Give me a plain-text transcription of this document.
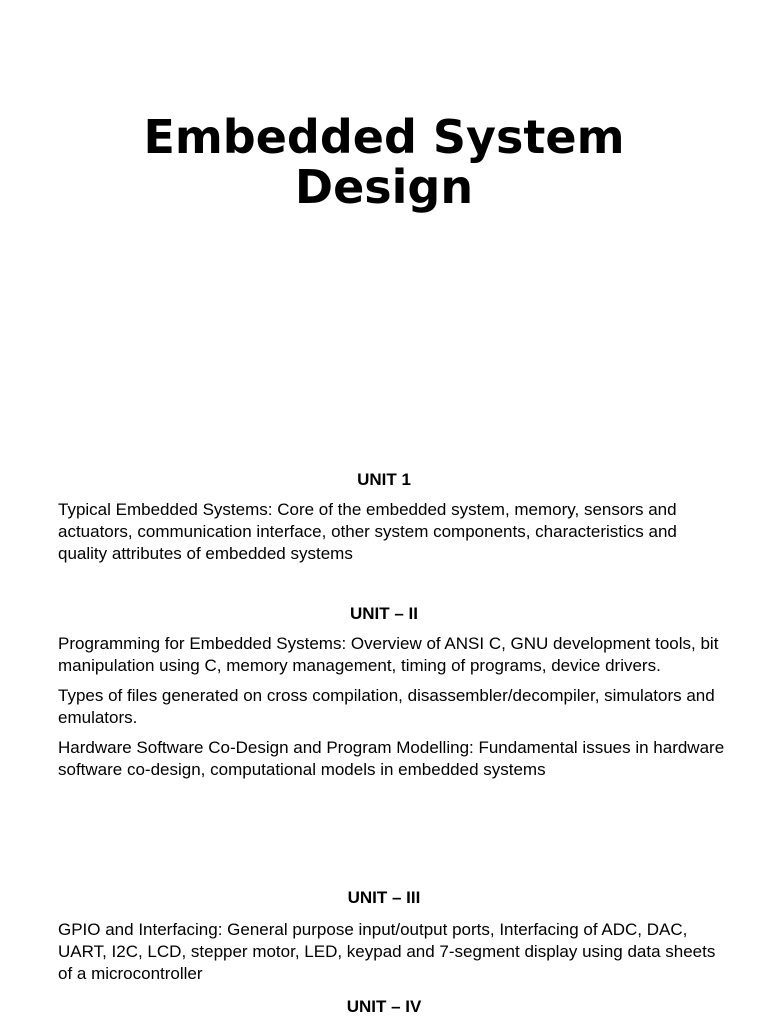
Embedded System
Design
UNIT 1

Typical Embedded Systems: Core of the embedded system, memory, sensors and actuators, communication interface, other system components, characteristics and quality attributes of embedded systems

UNIT – II

Programming for Embedded Systems: Overview of ANSI C, GNU development tools, bit manipulation using C, memory management, timing of programs, device drivers.

Types of files generated on cross compilation, disassembler/decompiler, simulators and emulators.

Hardware Software Co-Design and Program Modelling: Fundamental issues in hardware software co-design, computational models in embedded systems

UNIT – III

GPIO and Interfacing: General purpose input/output ports, Interfacing of ADC, DAC, UART, I2C, LCD, stepper motor, LED, keypad and 7-segment display using data sheets of a microcontroller

UNIT – IV
